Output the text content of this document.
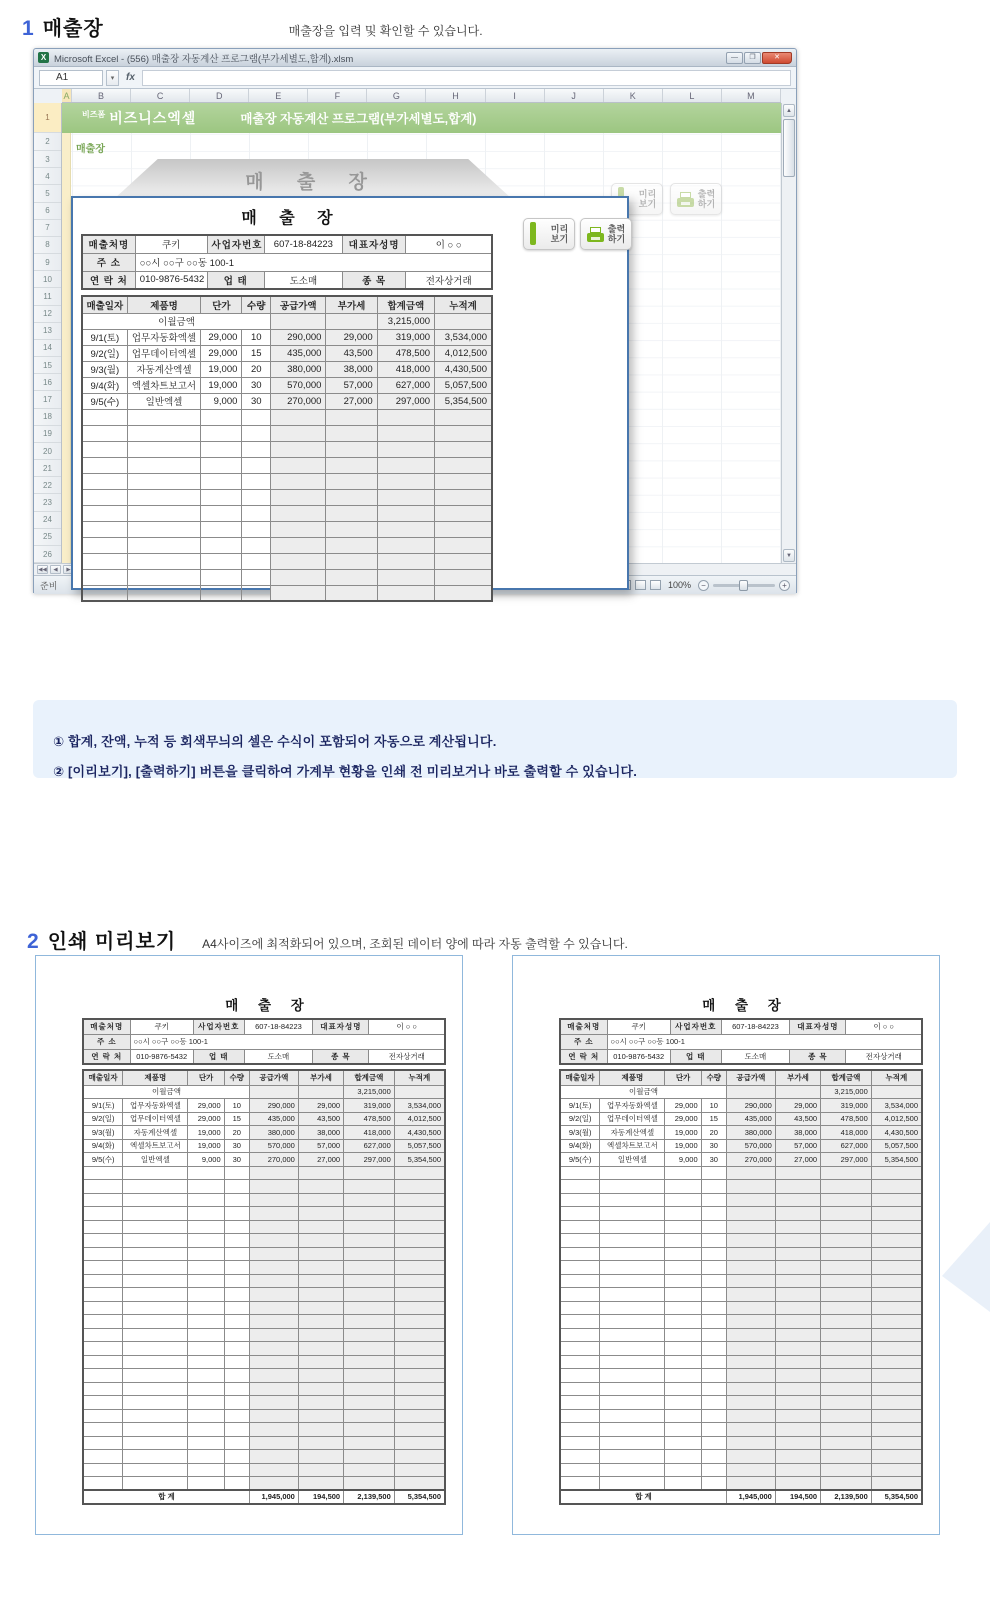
1 매출장	매출장을 입력 및 확인할 수 있습니다.
X
Microsoft Excel - (556) 매출장 자동계산 프로그램(부가세별도,합계).xlsm
—
❐
✕
A1 ▾	fx
A	B	C	D	E	F	G	H	I	J	K	L	M
1
2
3
4
5
6
7
8
9
10
11
12
13
14
15
16
17
18
19
20
21
22
23
24
25
26
비즈폼 비즈니스엑셀	매출장 자동계산 프로그램(부가세별도,합계)
매출장
매 출 장
미리
보기
출력
하기
▲
▼
◀◀	◀	▶
준비	100%	−	+
매 출 장
매출처명	쿠키	사업자번호	607-18-84223	대표자성명	이 ○ ○
주 소	○○시 ○○구 ○○동 100-1				
연 락 처	010-9876-5432	업 태	도소매	종 목	전자상거래
매출일자	제품명	단가	수량	공급가액	부가세	합계금액	누적계
이월금액						3,215,000	
9/1(토)	업무자동화엑셀	29,000	10	290,000	29,000	319,000	3,534,000
9/2(일)	업무데이터엑셀	29,000	15	435,000	43,500	478,500	4,012,500
9/3(월)	자동계산엑셀	19,000	20	380,000	38,000	418,000	4,430,500
9/4(화)	엑셀차트보고서	19,000	30	570,000	57,000	627,000	5,057,500
9/5(수)	일반엑셀	9,000	30	270,000	27,000	297,000	5,354,500

미리
보기
출력
하기
① 합계, 잔액, 누적 등 회색무늬의 셀은 수식이 포함되어 자동으로 계산됩니다.
② [이리보기], [출력하기] 버튼을 클릭하여 가계부 현황을 인쇄 전 미리보거나 바로 출력할 수 있습니다.
2 인쇄 미리보기 A4사이즈에 최적화되어 있으며, 조회된 데이터 양에 따라 자동 출력할 수 있습니다.
매 출 장
매출처명	쿠키	사업자번호	607-18-84223	대표자성명	이 ○ ○
주 소	○○시 ○○구 ○○동 100-1				
연 락 처	010-9876-5432	업 태	도소매	종 목	전자상거래
매출일자	제품명	단가	수량	공급가액	부가세	합계금액	누적계
이월금액						3,215,000	
9/1(토)	업무자동화엑셀	29,000	10	290,000	29,000	319,000	3,534,000
9/2(일)	업무데이터엑셀	29,000	15	435,000	43,500	478,500	4,012,500
9/3(월)	자동계산엑셀	19,000	20	380,000	38,000	418,000	4,430,500
9/4(화)	엑셀차트보고서	19,000	30	570,000	57,000	627,000	5,057,500
9/5(수)	일반엑셀	9,000	30	270,000	27,000	297,000	5,354,500

합 계				1,945,000	194,500	2,139,500	5,354,500
매 출 장
매출처명	쿠키	사업자번호	607-18-84223	대표자성명	이 ○ ○
주 소	○○시 ○○구 ○○동 100-1				
연 락 처	010-9876-5432	업 태	도소매	종 목	전자상거래
매출일자	제품명	단가	수량	공급가액	부가세	합계금액	누적계
이월금액						3,215,000	
9/1(토)	업무자동화엑셀	29,000	10	290,000	29,000	319,000	3,534,000
9/2(일)	업무데이터엑셀	29,000	15	435,000	43,500	478,500	4,012,500
9/3(월)	자동계산엑셀	19,000	20	380,000	38,000	418,000	4,430,500
9/4(화)	엑셀차트보고서	19,000	30	570,000	57,000	627,000	5,057,500
9/5(수)	일반엑셀	9,000	30	270,000	27,000	297,000	5,354,500

합 계				1,945,000	194,500	2,139,500	5,354,500
